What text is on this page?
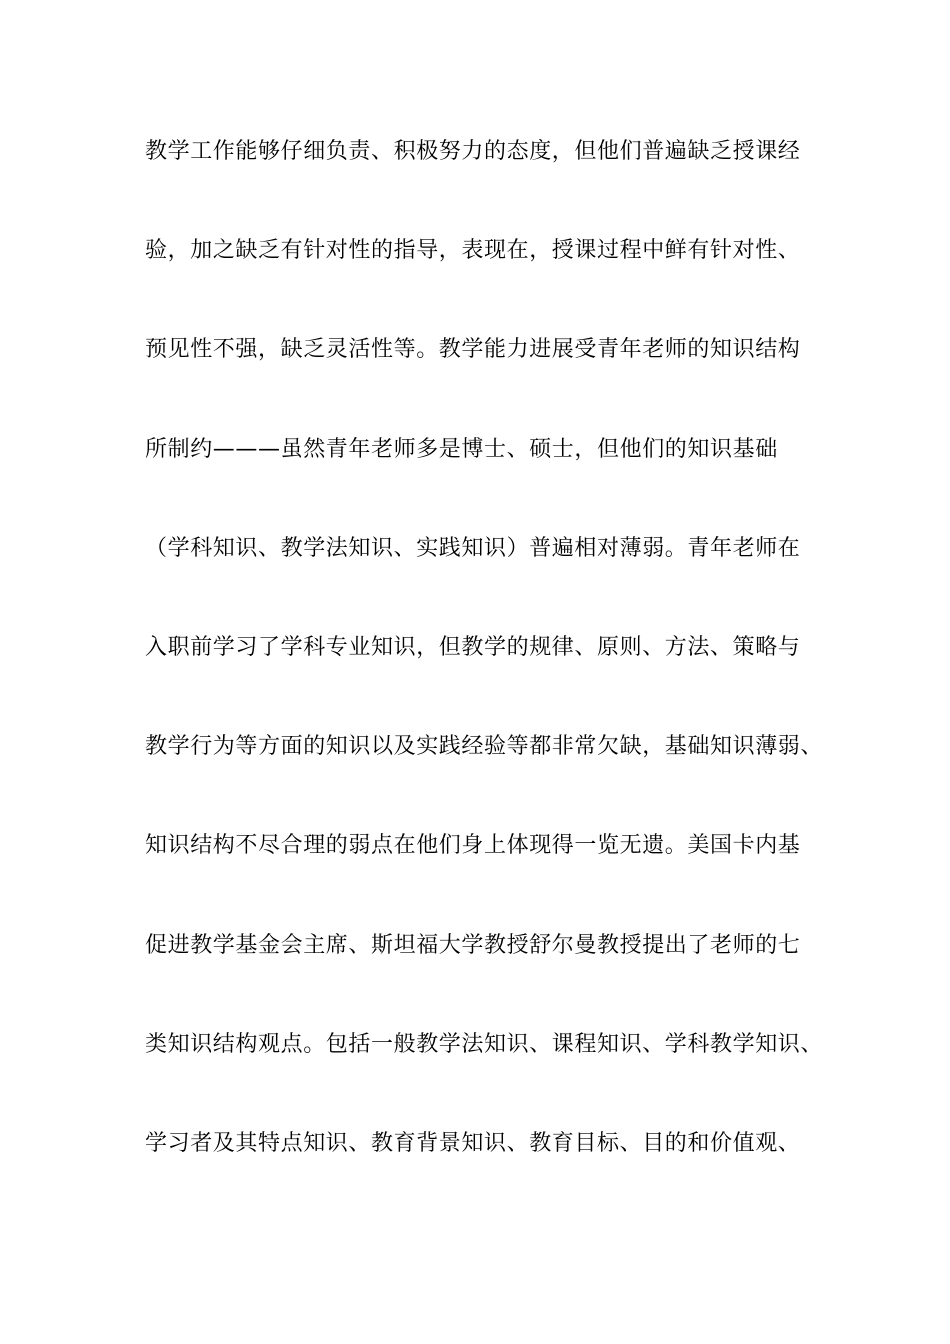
教学工作能够仔细负责、积极努力的态度，但他们普遍缺乏授课经
验，加之缺乏有针对性的指导，表现在，授课过程中鲜有针对性、
预见性不强，缺乏灵活性等。教学能力进展受青年老师的知识结构
所制约———虽然青年老师多是博士、硕士，但他们的知识基础
（学科知识、教学法知识、实践知识）普遍相对薄弱。青年老师在
入职前学习了学科专业知识，但教学的规律、原则、方法、策略与
教学行为等方面的知识以及实践经验等都非常欠缺，基础知识薄弱、
知识结构不尽合理的弱点在他们身上体现得一览无遗。美国卡内基
促进教学基金会主席、斯坦福大学教授舒尔曼教授提出了老师的七
类知识结构观点。包括一般教学法知识、课程知识、学科教学知识、
学习者及其特点知识、教育背景知识、教育目标、目的和价值观、
